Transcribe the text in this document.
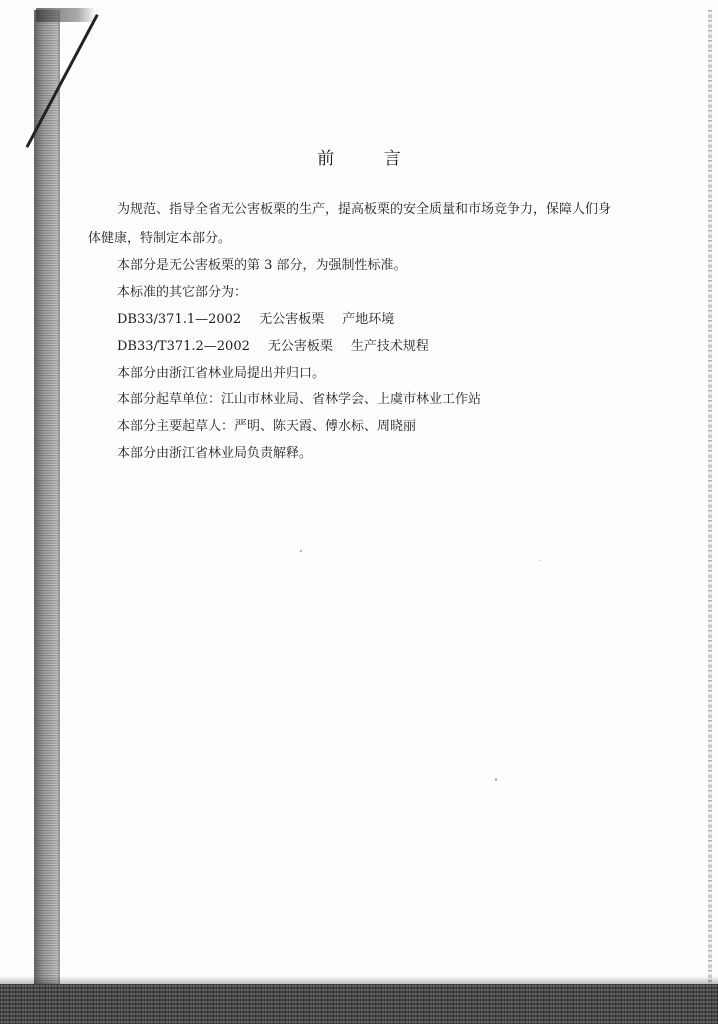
前 言
为规范、指导全省无公害板栗的生产，提高板栗的安全质量和市场竞争力，保障人们身
体健康，特制定本部分。
本部分是无公害板栗的第 3 部分，为强制性标准。
本标准的其它部分为：
DB33/371.1—2002 无公害板栗 产地环境
DB33/T371.2—2002 无公害板栗 生产技术规程
本部分由浙江省林业局提出并归口。
本部分起草单位：江山市林业局、省林学会、上虞市林业工作站
本部分主要起草人：严明、陈天霞、傅水标、周晓丽
本部分由浙江省林业局负责解释。
